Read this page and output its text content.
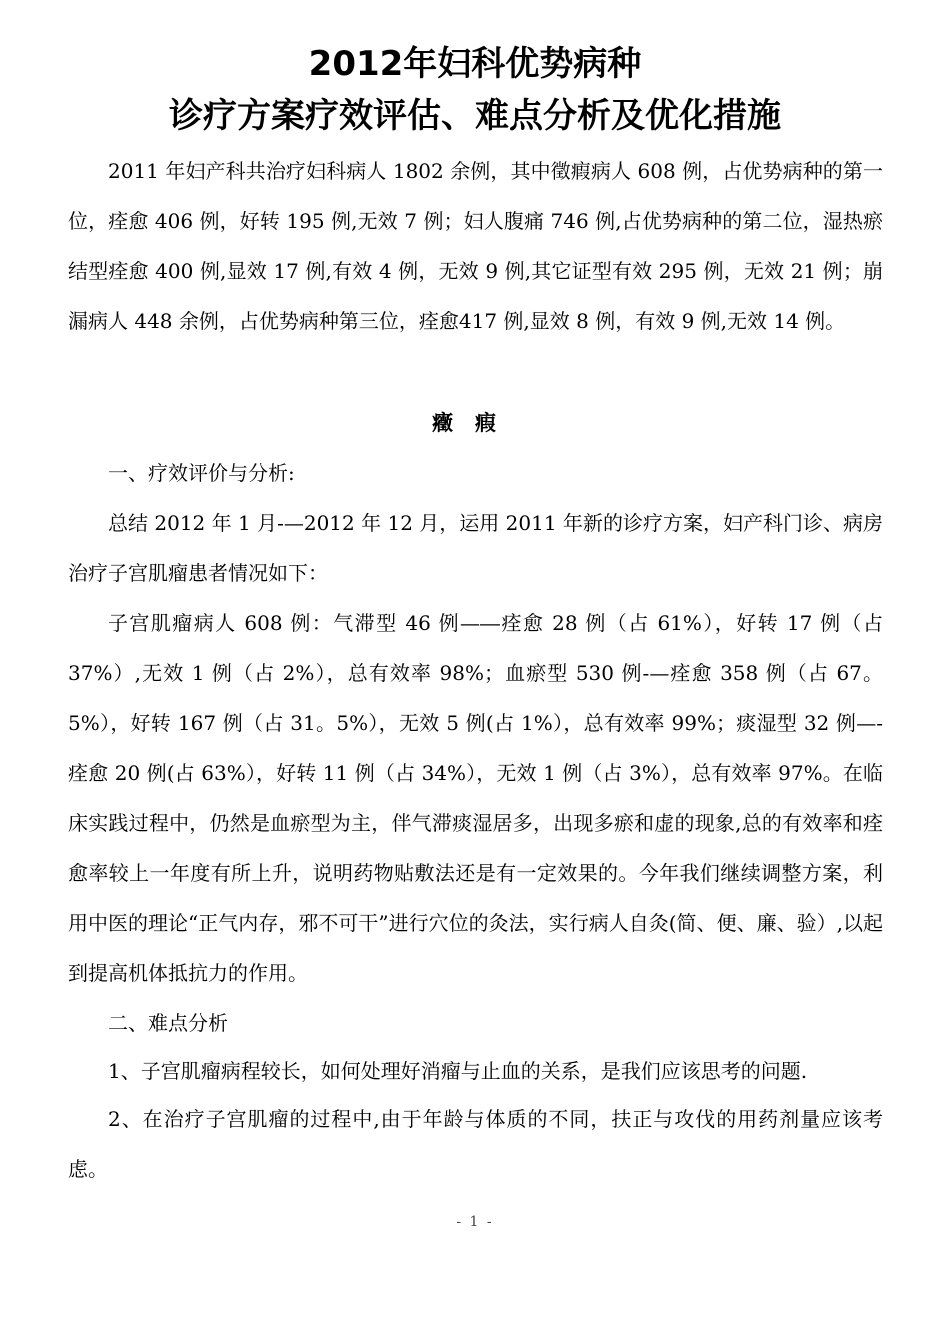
2012年妇科优势病种
诊疗方案疗效评估、难点分析及优化措施

2011 年妇产科共治疗妇科病人 1802 余例，其中徵瘕病人 608 例，占优势病种的第一位，痊愈 406 例，好转 195 例,无效 7 例；妇人腹痛 746 例,占优势病种的第二位，湿热瘀结型痊愈 400 例,显效 17 例,有效 4 例，无效 9 例,其它证型有效 295 例，无效 21 例；崩漏病人 448 余例，占优势病种第三位，痊愈417 例,显效 8 例，有效 9 例,无效 14 例。

癥瘕
一、疗效评价与分析:

总结 2012 年 1 月-—2012 年 12 月，运用 2011 年新的诊疗方案，妇产科门诊、病房治疗子宫肌瘤患者情况如下：

子宫肌瘤病人 608 例：气滞型 46 例—―痊愈 28 例（占 61%），好转 17 例（占 37%）,无效 1 例（占 2%），总有效率 98%；血瘀型 530 例-—痊愈 358 例（占 67。5%），好转 167 例（占 31。5%），无效 5 例(占 1%），总有效率 99%；痰湿型 32 例—-痊愈 20 例(占 63%），好转 11 例（占 34%），无效 1 例（占 3%），总有效率 97%。在临床实践过程中，仍然是血瘀型为主，伴气滞痰湿居多，出现多瘀和虚的现象,总的有效率和痊愈率较上一年度有所上升，说明药物贴敷法还是有一定效果的。今年我们继续调整方案，利用中医的理论“正气内存，邪不可干”进行穴位的灸法，实行病人自灸(简、便、廉、验）,以起到提高机体抵抗力的作用。

二、难点分析
1、子宫肌瘤病程较长，如何处理好消瘤与止血的关系，是我们应该思考的问题.

2、在治疗子宫肌瘤的过程中,由于年龄与体质的不同，扶正与攻伐的用药剂量应该考虑。

- 1 -
